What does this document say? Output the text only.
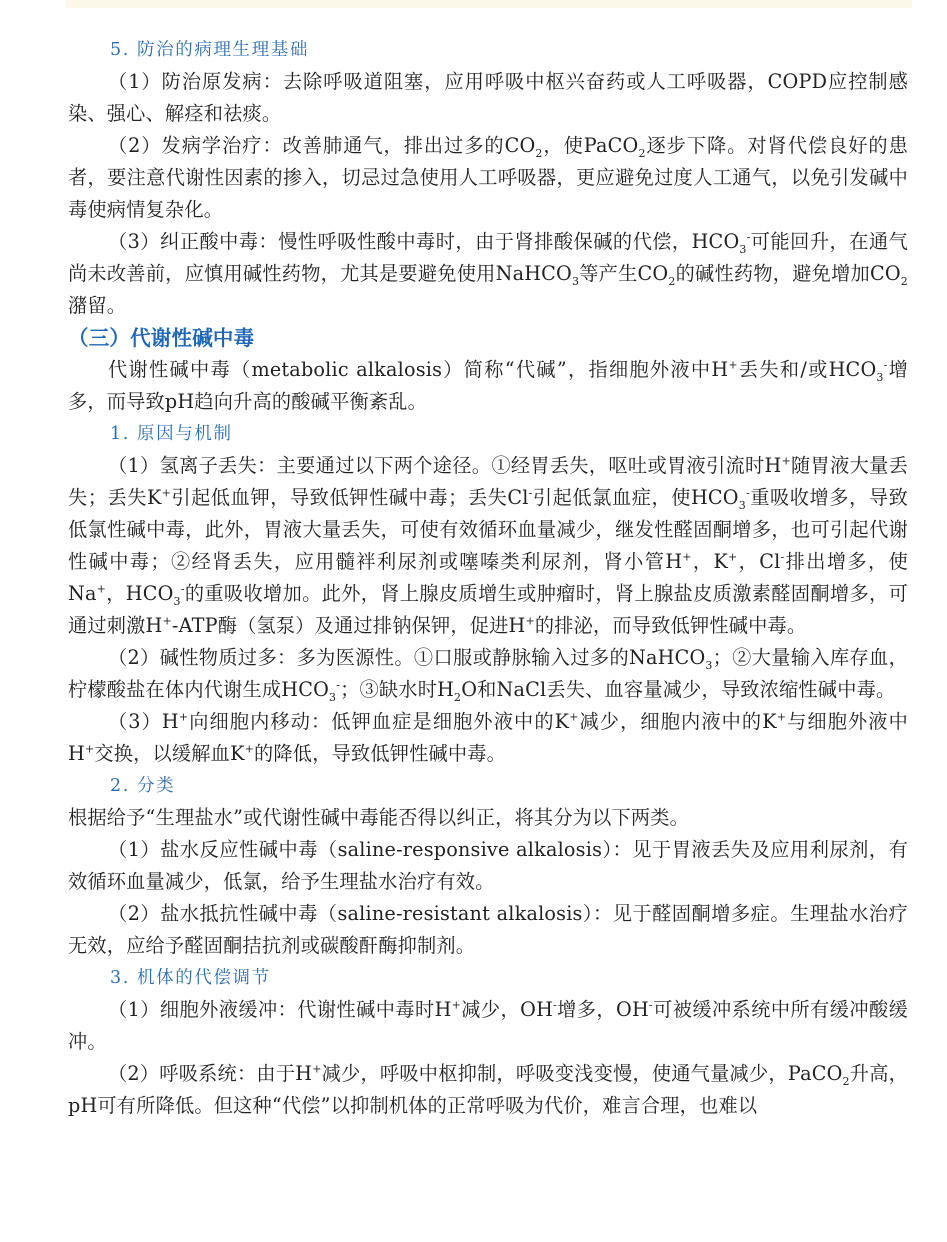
5. 防治的病理生理基础

（1）防治原发病：去除呼吸道阻塞，应用呼吸中枢兴奋药或人工呼吸器，COPD应控制感染、强心、解痉和祛痰。

（2）发病学治疗：改善肺通气，排出过多的$CO_2$，使PaCO$_2$逐步下降。对肾代偿良好的患者，要注意代谢性因素的掺入，切忌过急使用人工呼吸器，更应避免过度人工通气，以免引发碱中毒使病情复杂化。

（3）纠正酸中毒：慢性呼吸性酸中毒时，由于肾排酸保碱的代偿，$HCO_3^-$可能回升，在通气尚未改善前，应慎用碱性药物，尤其是要避免使用NaHCO$_3$等产生$CO_2$的碱性药物，避免增加$CO_2$潴留。

（三）代谢性碱中毒

代谢性碱中毒（metabolic alkalosis）简称“代碱”，指细胞外液中H+丢失和/或$HCO_3^-$增多，而导致pH趋向升高的酸碱平衡紊乱。

1. 原因与机制

（1）氢离子丢失：主要通过以下两个途径。①经胃丢失，呕吐或胃液引流时H+随胃液大量丢失；丢失K+引起低血钾，导致低钾性碱中毒；丢失Cl-引起低氯血症，使$HCO_3^-$重吸收增多，导致低氯性碱中毒，此外，胃液大量丢失，可使有效循环血量减少，继发性醛固酮增多，也可引起代谢性碱中毒；②经肾丢失，应用髓袢利尿剂或噻嗪类利尿剂，肾小管H+，K+，Cl-排出增多，使Na+，$HCO_3^-$的重吸收增加。此外，肾上腺皮质增生或肿瘤时，肾上腺盐皮质激素醛固酮增多，可通过刺激H+-ATP酶（氢泵）及通过排钠保钾，促进H+的排泌，而导致低钾性碱中毒。

（2）碱性物质过多：多为医源性。①口服或静脉输入过多的NaHCO$_3$；②大量输入库存血，柠檬酸盐在体内代谢生成$HCO_3^-$；③缺水时$H_2O$和NaCl丢失、血容量减少，导致浓缩性碱中毒。

（3）H+向细胞内移动：低钾血症是细胞外液中的K+减少，细胞内液中的K+与细胞外液中H+交换，以缓解血K+的降低，导致低钾性碱中毒。

2. 分类

根据给予“生理盐水”或代谢性碱中毒能否得以纠正，将其分为以下两类。

（1）盐水反应性碱中毒（saline-responsive alkalosis）：见于胃液丢失及应用利尿剂，有效循环血量减少，低氯，给予生理盐水治疗有效。

（2）盐水抵抗性碱中毒（saline-resistant alkalosis）：见于醛固酮增多症。生理盐水治疗无效，应给予醛固酮拮抗剂或碳酸酐酶抑制剂。

3. 机体的代偿调节

（1）细胞外液缓冲：代谢性碱中毒时H+减少，OH-增多，OH-可被缓冲系统中所有缓冲酸缓冲。

（2）呼吸系统：由于H+减少，呼吸中枢抑制，呼吸变浅变慢，使通气量减少，PaCO$_2$升高，pH可有所降低。但这种“代偿”以抑制机体的正常呼吸为代价，难言合理，也难以
